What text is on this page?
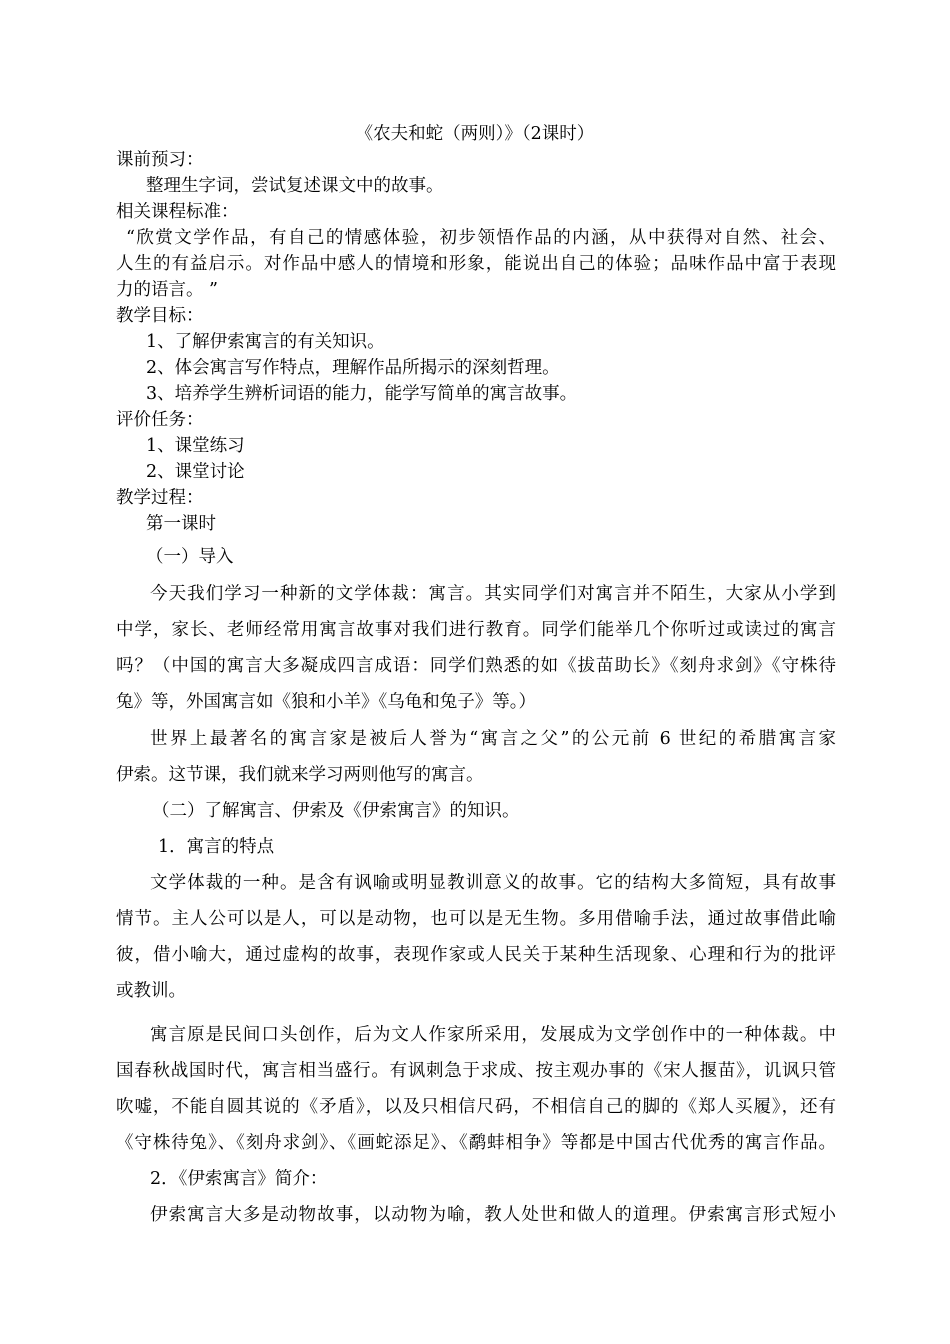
《农夫和蛇（两则）》（2课时）
课前预习：
整理生字词，尝试复述课文中的故事。
相关课程标准：
“欣赏文学作品，有自己的情感体验，初步领悟作品的内涵，从中获得对自然、社会、
人生的有益启示。对作品中感人的情境和形象，能说出自己的体验；品味作品中富于表现
力的语言。 ”
教学目标：
1、了解伊索寓言的有关知识。
2、体会寓言写作特点，理解作品所揭示的深刻哲理。
3、培养学生辨析词语的能力，能学写简单的寓言故事。
评价任务：
1、课堂练习
2、课堂讨论
教学过程：
第一课时
（一）导入
今天我们学习一种新的文学体裁：寓言。其实同学们对寓言并不陌生，大家从小学到
中学，家长、老师经常用寓言故事对我们进行教育。同学们能举几个你听过或读过的寓言
吗？（中国的寓言大多凝成四言成语：同学们熟悉的如《拔苗助长》《刻舟求剑》《守株待
兔》等，外国寓言如《狼和小羊》《乌龟和兔子》等。）
世界上最著名的寓言家是被后人誉为“寓言之父”的公元前 6 世纪的希腊寓言家
伊索。这节课，我们就来学习两则他写的寓言。
（二）了解寓言、伊索及《伊索寓言》的知识。
1．寓言的特点
文学体裁的一种。是含有讽喻或明显教训意义的故事。它的结构大多简短，具有故事
情节。主人公可以是人，可以是动物，也可以是无生物。多用借喻手法，通过故事借此喻
彼，借小喻大，通过虚构的故事，表现作家或人民关于某种生活现象、心理和行为的批评
或教训。
寓言原是民间口头创作，后为文人作家所采用，发展成为文学创作中的一种体裁。中
国春秋战国时代，寓言相当盛行。有讽刺急于求成、按主观办事的《宋人揠苗》，讥讽只管
吹嘘，不能自圆其说的《矛盾》，以及只相信尺码，不相信自己的脚的《郑人买履》，还有
《守株待兔》、《刻舟求剑》、《画蛇添足》、《鹬蚌相争》等都是中国古代优秀的寓言作品。
2．《伊索寓言》简介：
伊索寓言大多是动物故事，以动物为喻，教人处世和做人的道理。伊索寓言形式短小
